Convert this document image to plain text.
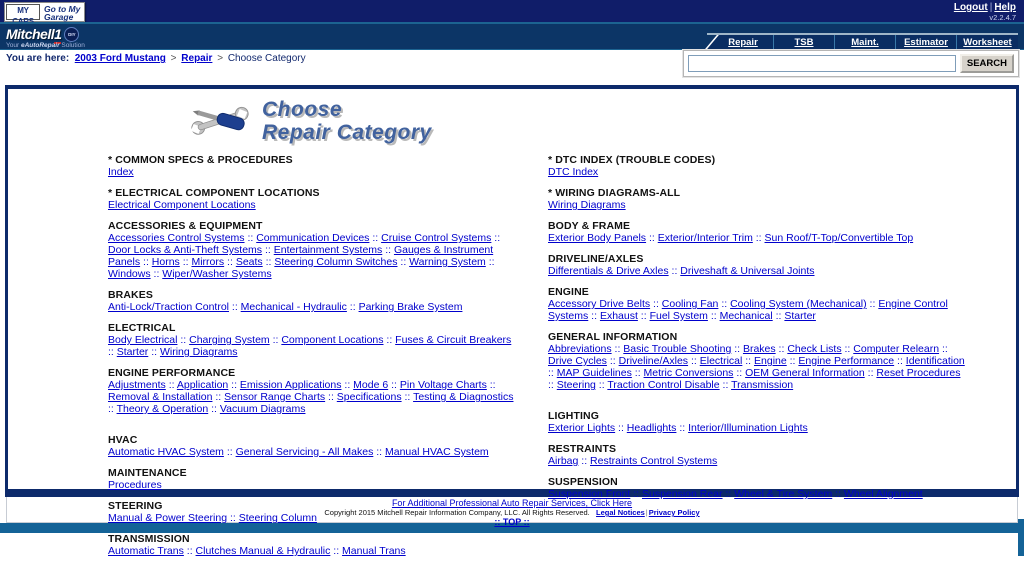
MY	Go to My
Garage
Logout | Help
v2.2.4.7
Mitchell1	DIY
Your eAutoRepair Solution	Repair	TSB	Maint.	Estimator Worksheet
You are here: 2003 Ford Mustang > Repair > Choose Category	SEARCH
Choose
Repair Category
* COMMON SPECS & PROCEDURES
Index
* ELECTRICAL COMPONENT LOCATIONS
Electrical Component Locations
ACCESSORIES & EQUIPMENT
Accessories Control Systems :: Communication Devices :: Cruise Control Systems :: Door Locks & Anti-Theft Systems :: Entertainment Systems :: Gauges & Instrument Panels :: Horns :: Mirrors :: Seats :: Steering Column Switches :: Warning System :: Windows :: Wiper/Washer Systems
BRAKES
Anti-Lock/Traction Control :: Mechanical - Hydraulic :: Parking Brake System
ELECTRICAL
Body Electrical :: Charging System :: Component Locations :: Fuses & Circuit Breakers :: Starter :: Wiring Diagrams
ENGINE PERFORMANCE
Adjustments :: Application :: Emission Applications :: Mode 6 :: Pin Voltage Charts :: Removal & Installation :: Sensor Range Charts :: Specifications :: Testing & Diagnostics :: Theory & Operation :: Vacuum Diagrams
HVAC
Automatic HVAC System :: General Servicing - All Makes :: Manual HVAC System
MAINTENANCE
Procedures
STEERING
Manual & Power Steering :: Steering Column
TRANSMISSION
Automatic Trans :: Clutches Manual & Hydraulic :: Manual Trans
* DTC INDEX (TROUBLE CODES)
DTC Index
* WIRING DIAGRAMS-ALL
Wiring Diagrams
BODY & FRAME
Exterior Body Panels :: Exterior/Interior Trim :: Sun Roof/T-Top/Convertible Top
DRIVELINE/AXLES
Differentials & Drive Axles :: Driveshaft & Universal Joints
ENGINE
Accessory Drive Belts :: Cooling Fan :: Cooling System (Mechanical) :: Engine Control Systems :: Exhaust :: Fuel System :: Mechanical :: Starter
GENERAL INFORMATION
Abbreviations :: Basic Trouble Shooting :: Brakes :: Check Lists :: Computer Relearn :: Drive Cycles :: Driveline/Axles :: Electrical :: Engine :: Engine Performance :: Identification :: MAP Guidelines :: Metric Conversions :: OEM General Information :: Reset Procedures :: Steering :: Traction Control Disable :: Transmission
LIGHTING
Exterior Lights :: Headlights :: Interior/Illumination Lights
RESTRAINTS
Airbag :: Restraints Control Systems
SUSPENSION
Suspension Front :: Suspension Rear :: Wheel & Tire System :: Wheel Alignment
For Additional Professional Auto Repair Services, Click Here
Copyright 2015 Mitchell Repair Information Company, LLC. All Rights Reserved. Legal Notices|Privacy Policy
:: TOP ::
